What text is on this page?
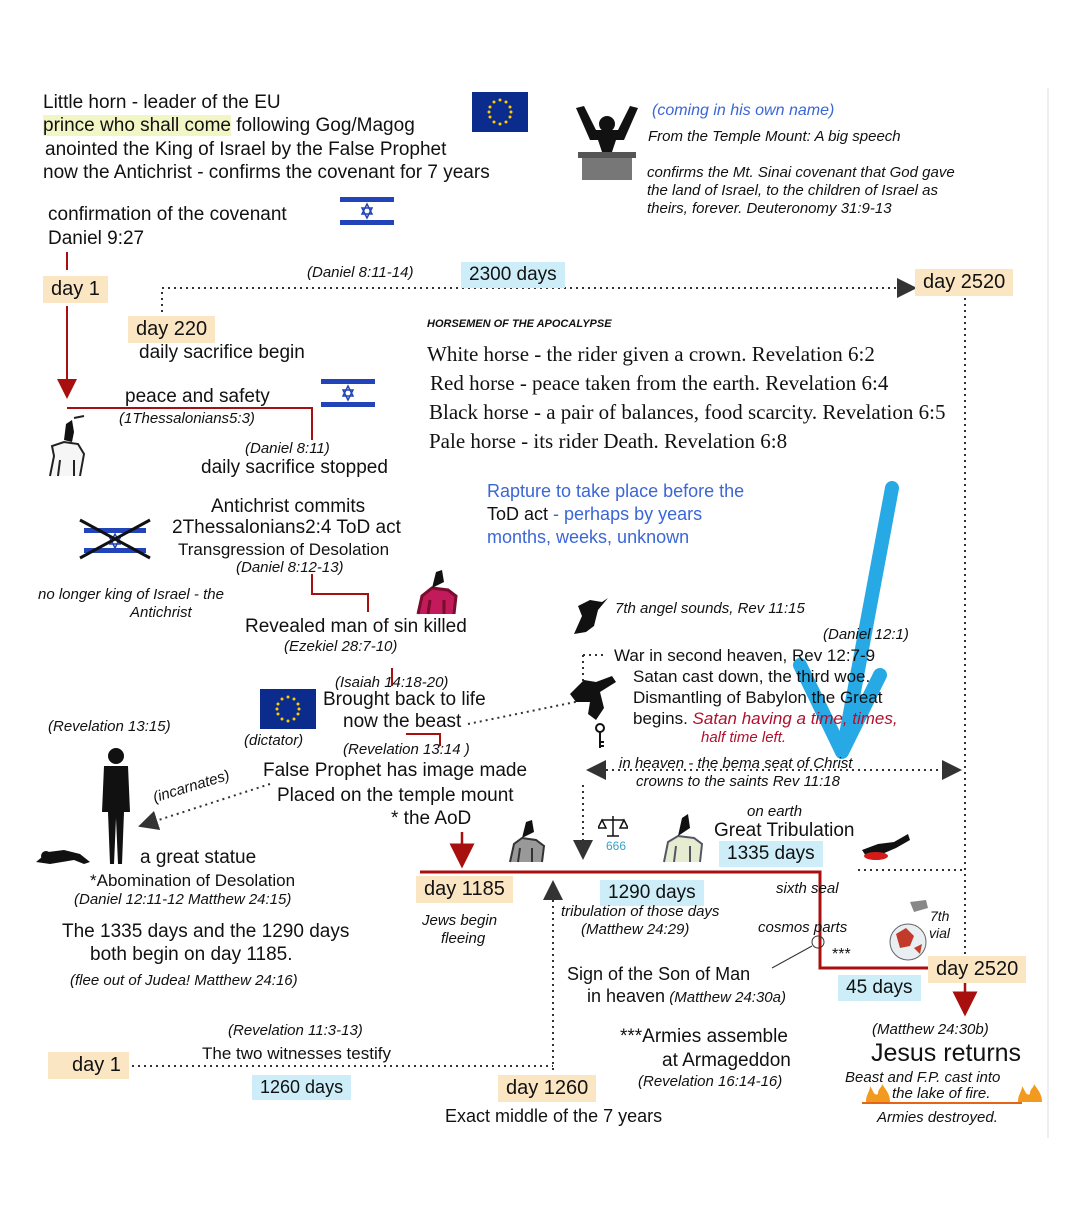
Little horn - leader of the EU
prince who shall come following Gog/Magog
anointed the King of Israel by the False Prophet
now the Antichrist - confirms the covenant for 7 years
(coming in his own name)
From the Temple Mount: A big speech
confirms the Mt. Sinai covenant that God gave
the land of Israel, to the children of Israel as
theirs, forever. Deuteronomy 31:9-13
confirmation of the covenant
Daniel 9:27
day 1
(Daniel 8:11-14)	2300 days	day 2520
day 220
daily sacrifice begin
HORSEMEN OF THE APOCALYPSE
White horse - the rider given a crown. Revelation 6:2
Red horse - peace taken from the earth. Revelation 6:4
Black horse - a pair of balances, food scarcity. Revelation 6:5
Pale horse - its rider Death. Revelation 6:8
peace and safety
(1Thessalonians5:3)
(Daniel 8:11)
daily sacrifice stopped
Antichrist commits
2Thessalonians2:4 ToD act
Transgression of Desolation
(Daniel 8:12-13)
no longer king of Israel - the
Antichrist
Revealed man of sin killed
(Ezekiel 28:7-10)
(Isaiah 14:18-20)
Brought back to life
now the beast
(dictator)
(Revelation 13:15)
(Revelation 13:14 )
False Prophet has image made
Placed on the temple mount
* the AoD
(incarnates)
a great statue
*Abomination of Desolation
(Daniel 12:11-12 Matthew 24:15)
The 1335 days and the 1290 days
both begin on day 1185.
(flee out of Judea! Matthew 24:16)
Rapture to take place before the
ToD act - perhaps by years
months, weeks, unknown
7th angel sounds, Rev 11:15
(Daniel 12:1)
War in second heaven, Rev 12:7-9
Satan cast down, the third woe.
Dismantling of Babylon the Great
begins. Satan having a time, times,
half time left.
in heaven - the bema seat of Christ
crowns to the saints Rev 11:18
666
on earth
Great Tribulation
1335 days
day 1185	1290 days	sixth seal
Jews begin
fleeing
tribulation of those days
(Matthew 24:29)	cosmos parts
7th
vial
***
day 2520
45 days
Sign of the Son of Man
in heaven (Matthew 24:30a)
(Revelation 11:3-13)
The two witnesses testify
day 1
1260 days	day 1260
Exact middle of the 7 years
***Armies assemble
at Armageddon
(Revelation 16:14-16)
(Matthew 24:30b)
Jesus returns
Beast and F.P. cast into
the lake of fire.
Armies destroyed.
